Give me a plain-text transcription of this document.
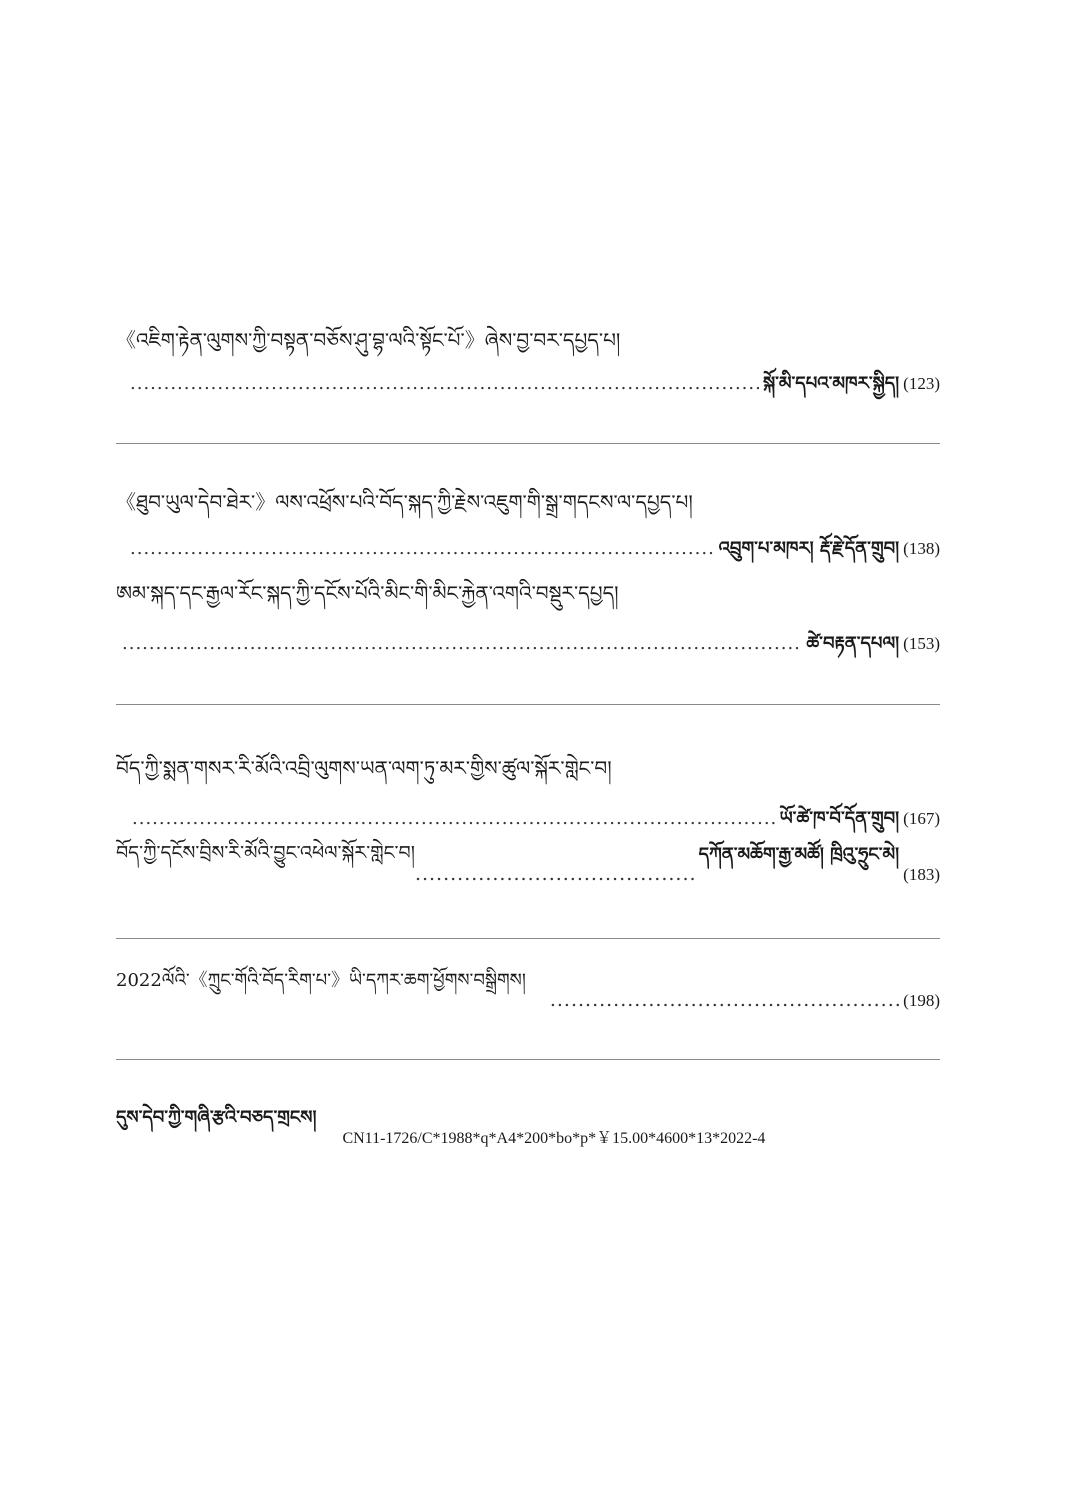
《འཇིག་རྟེན་ལུགས་ཀྱི་བསྟན་བཅོས་ཤུ་བྷ་ལའི་སྟོང་པོ་》ཞེས་བྱ་བར་དཔྱད་པ།
.....
སྐོ་མི་དཔའ་མཁར་སྐྱིད། (123)
《ཐུབ་ཡུལ་དེབ་ཐེར་》ལས་འཕྲོས་པའི་བོད་སྐད་ཀྱི་རྗེས་འཇུག་གི་སྒྲ་གདངས་ལ་དཔྱད་པ།
.....
འབྲུག་པ་མཁར། རྡོ་རྗེ་དོན་གྲུབ། (138)
ཨམ་སྐད་དང་རྒྱལ་རོང་སྐད་ཀྱི་དངོས་པོའི་མིང་གི་མིང་རྐྱེན་འགའི་བསྡུར་དཔྱད།
.....
ཚེ་བརྟན་དཔལ། (153)
བོད་ཀྱི་སྨན་གསར་རི་མོའི་འབྲི་ལུགས་ཡན་ལག་ཏུ་མར་གྱིས་ཚུལ་སྐོར་གླེང་བ།
.....
ཡོ་ཚེ་ཁ་བོ་དོན་གྲུབ། (167)
བོད་ཀྱི་དངོས་བྲིས་རི་མོའི་བྱུང་འཕེལ་སྐོར་གླེང་བ།
.....	དཀོན་མཆོག་རྒྱ་མཚོ། ཁྲིའུ་ཧྲུང་མེ།
(183)
2022ལོའི་《ཀྲུང་གོའི་བོད་རིག་པ་》ཡི་དཀར་ཆག་ཕྱོགས་བསྒྲིགས།
.....
(198)
དུས་དེབ་ཀྱི་གཞི་རྩའི་བཅད་གྲངས།
CN11-1726/C*1988*q*A4*200*bo*p*￥15.00*4600*13*2022-4
